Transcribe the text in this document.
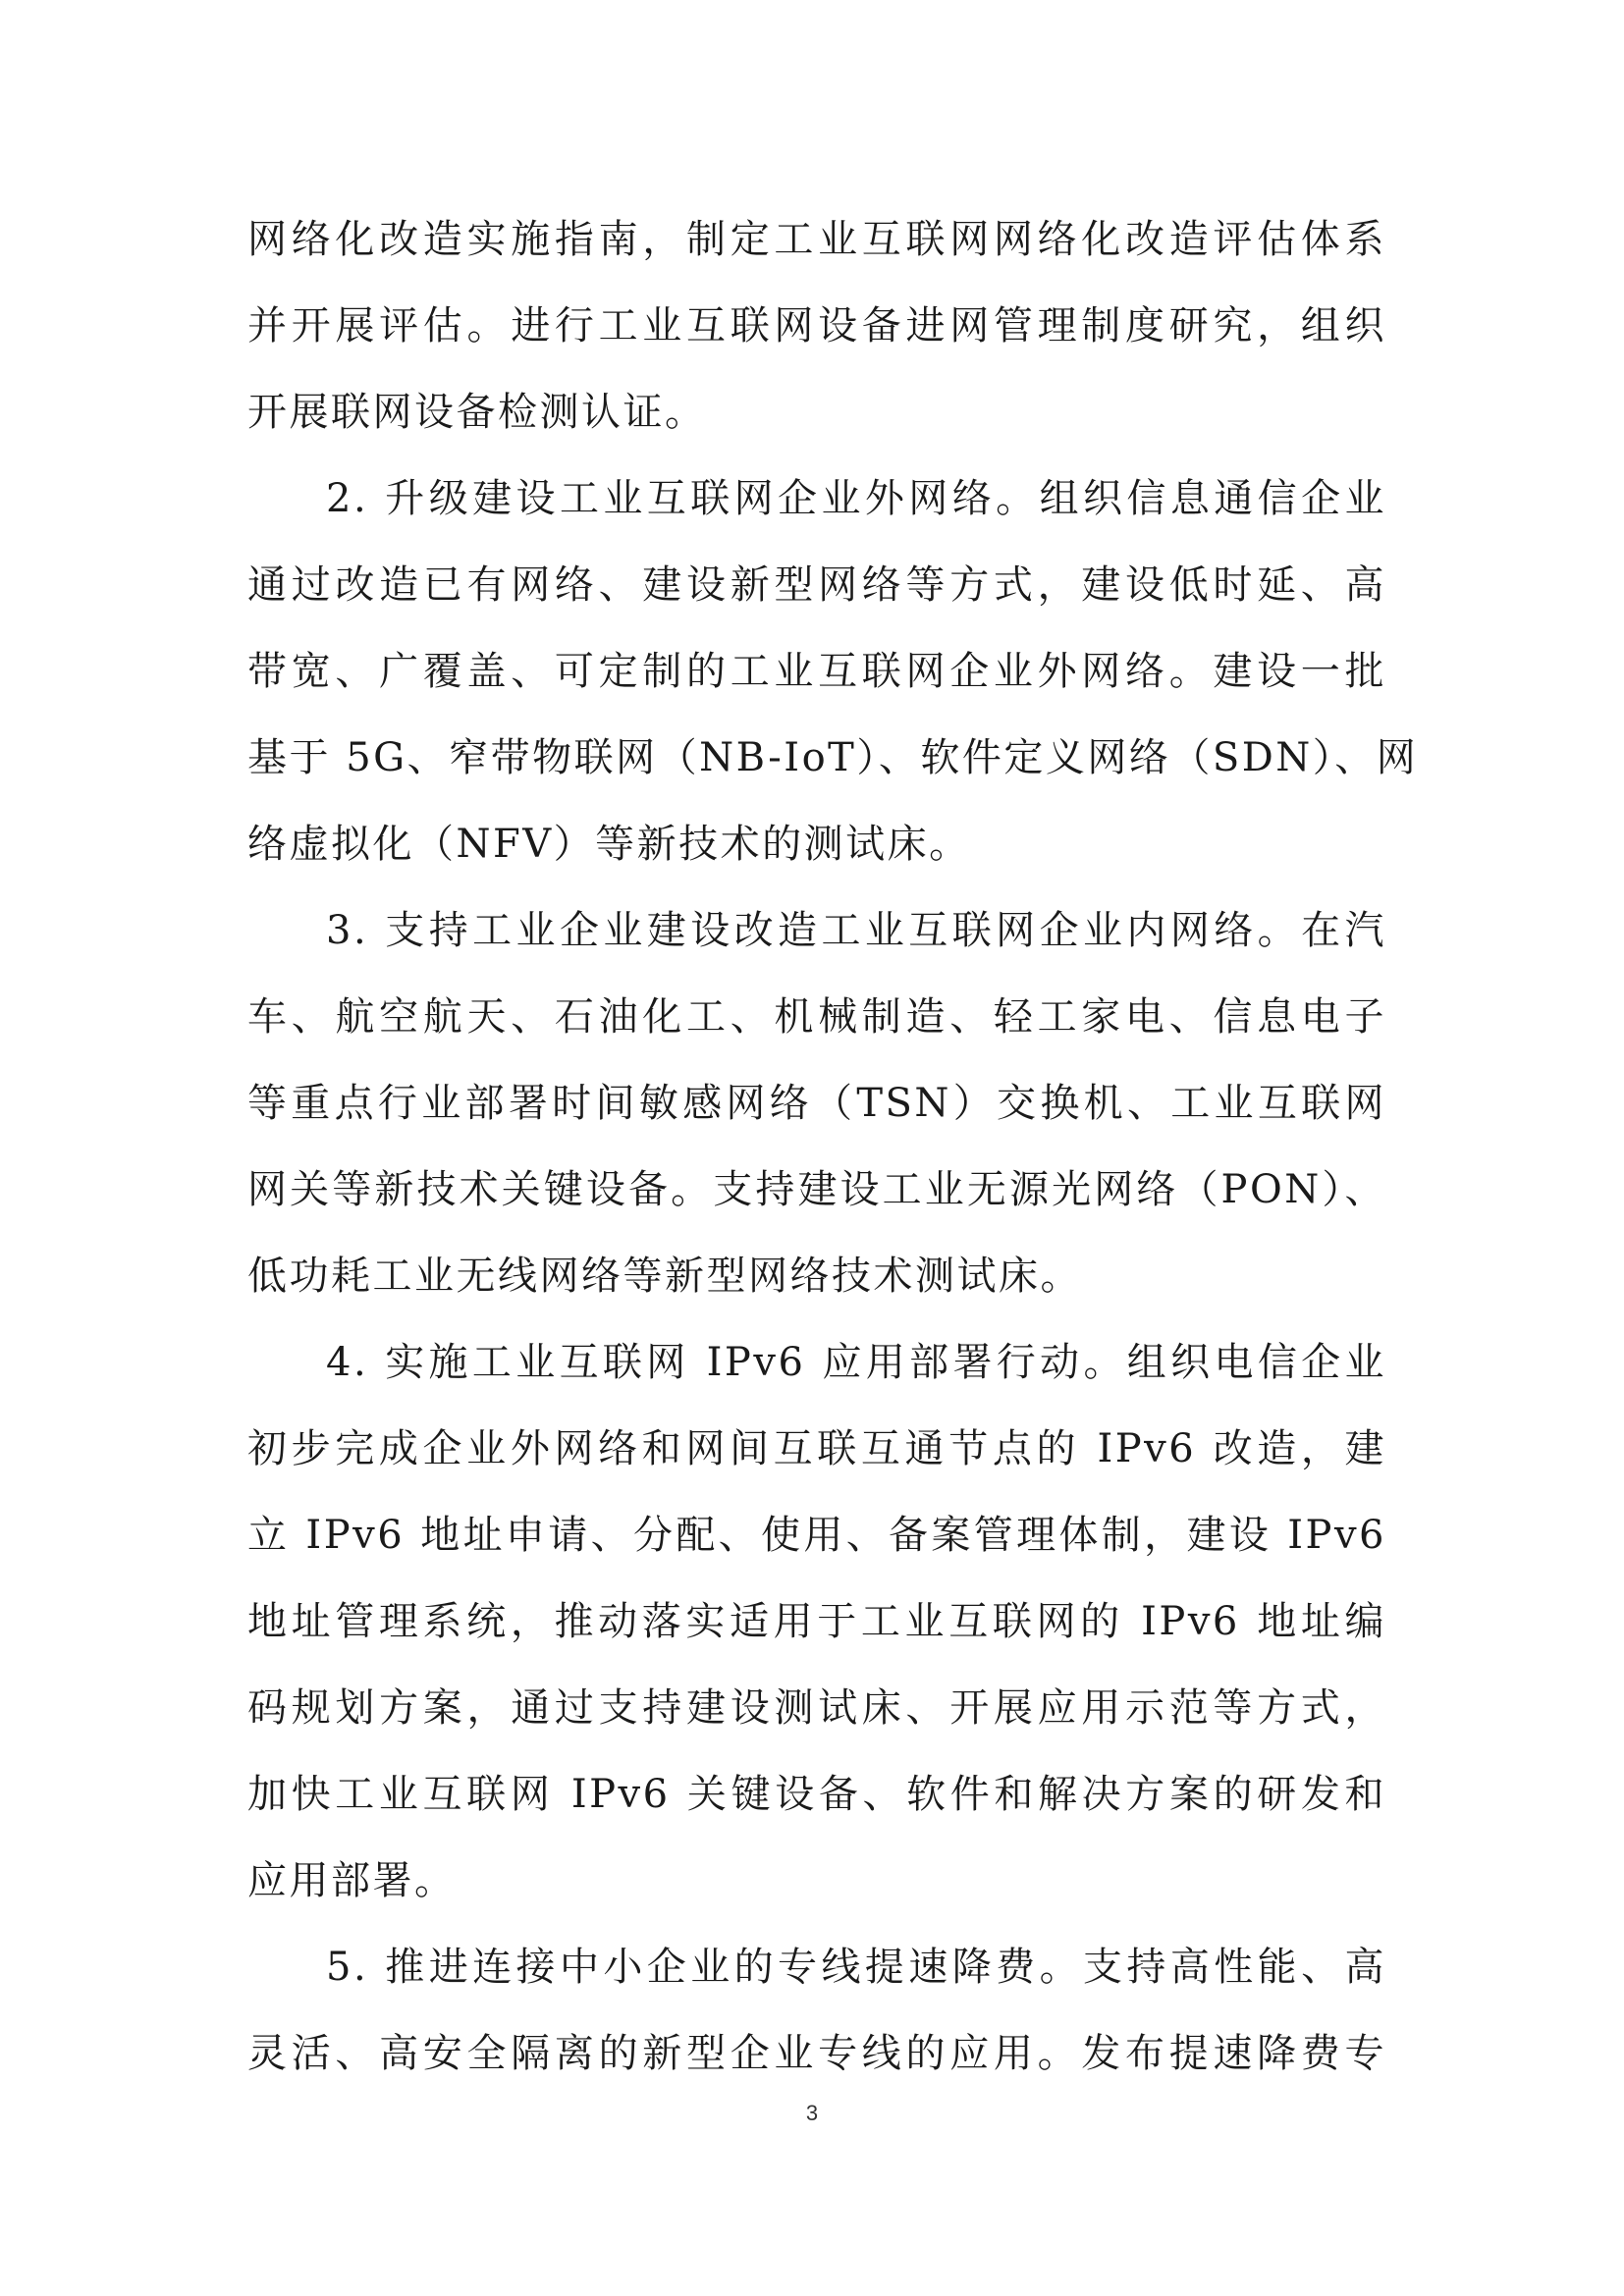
网络化改造实施指南，制定工业互联网网络化改造评估体系
并开展评估。进行工业互联网设备进网管理制度研究，组织
开展联网设备检测认证。
2. 升级建设工业互联网企业外网络。组织信息通信企业
通过改造已有网络、建设新型网络等方式，建设低时延、高
带宽、广覆盖、可定制的工业互联网企业外网络。建设一批
基于 5G、窄带物联网（NB-IoT）、软件定义网络（SDN）、网
络虚拟化（NFV）等新技术的测试床。
3. 支持工业企业建设改造工业互联网企业内网络。在汽
车、航空航天、石油化工、机械制造、轻工家电、信息电子
等重点行业部署时间敏感网络（TSN）交换机、工业互联网
网关等新技术关键设备。支持建设工业无源光网络（PON）、
低功耗工业无线网络等新型网络技术测试床。
4. 实施工业互联网 IPv6 应用部署行动。组织电信企业
初步完成企业外网络和网间互联互通节点的 IPv6 改造，建
立 IPv6 地址申请、分配、使用、备案管理体制，建设 IPv6
地址管理系统，推动落实适用于工业互联网的 IPv6 地址编
码规划方案，通过支持建设测试床、开展应用示范等方式，
加快工业互联网 IPv6 关键设备、软件和解决方案的研发和
应用部署。
5. 推进连接中小企业的专线提速降费。支持高性能、高
灵活、高安全隔离的新型企业专线的应用。发布提速降费专
3
